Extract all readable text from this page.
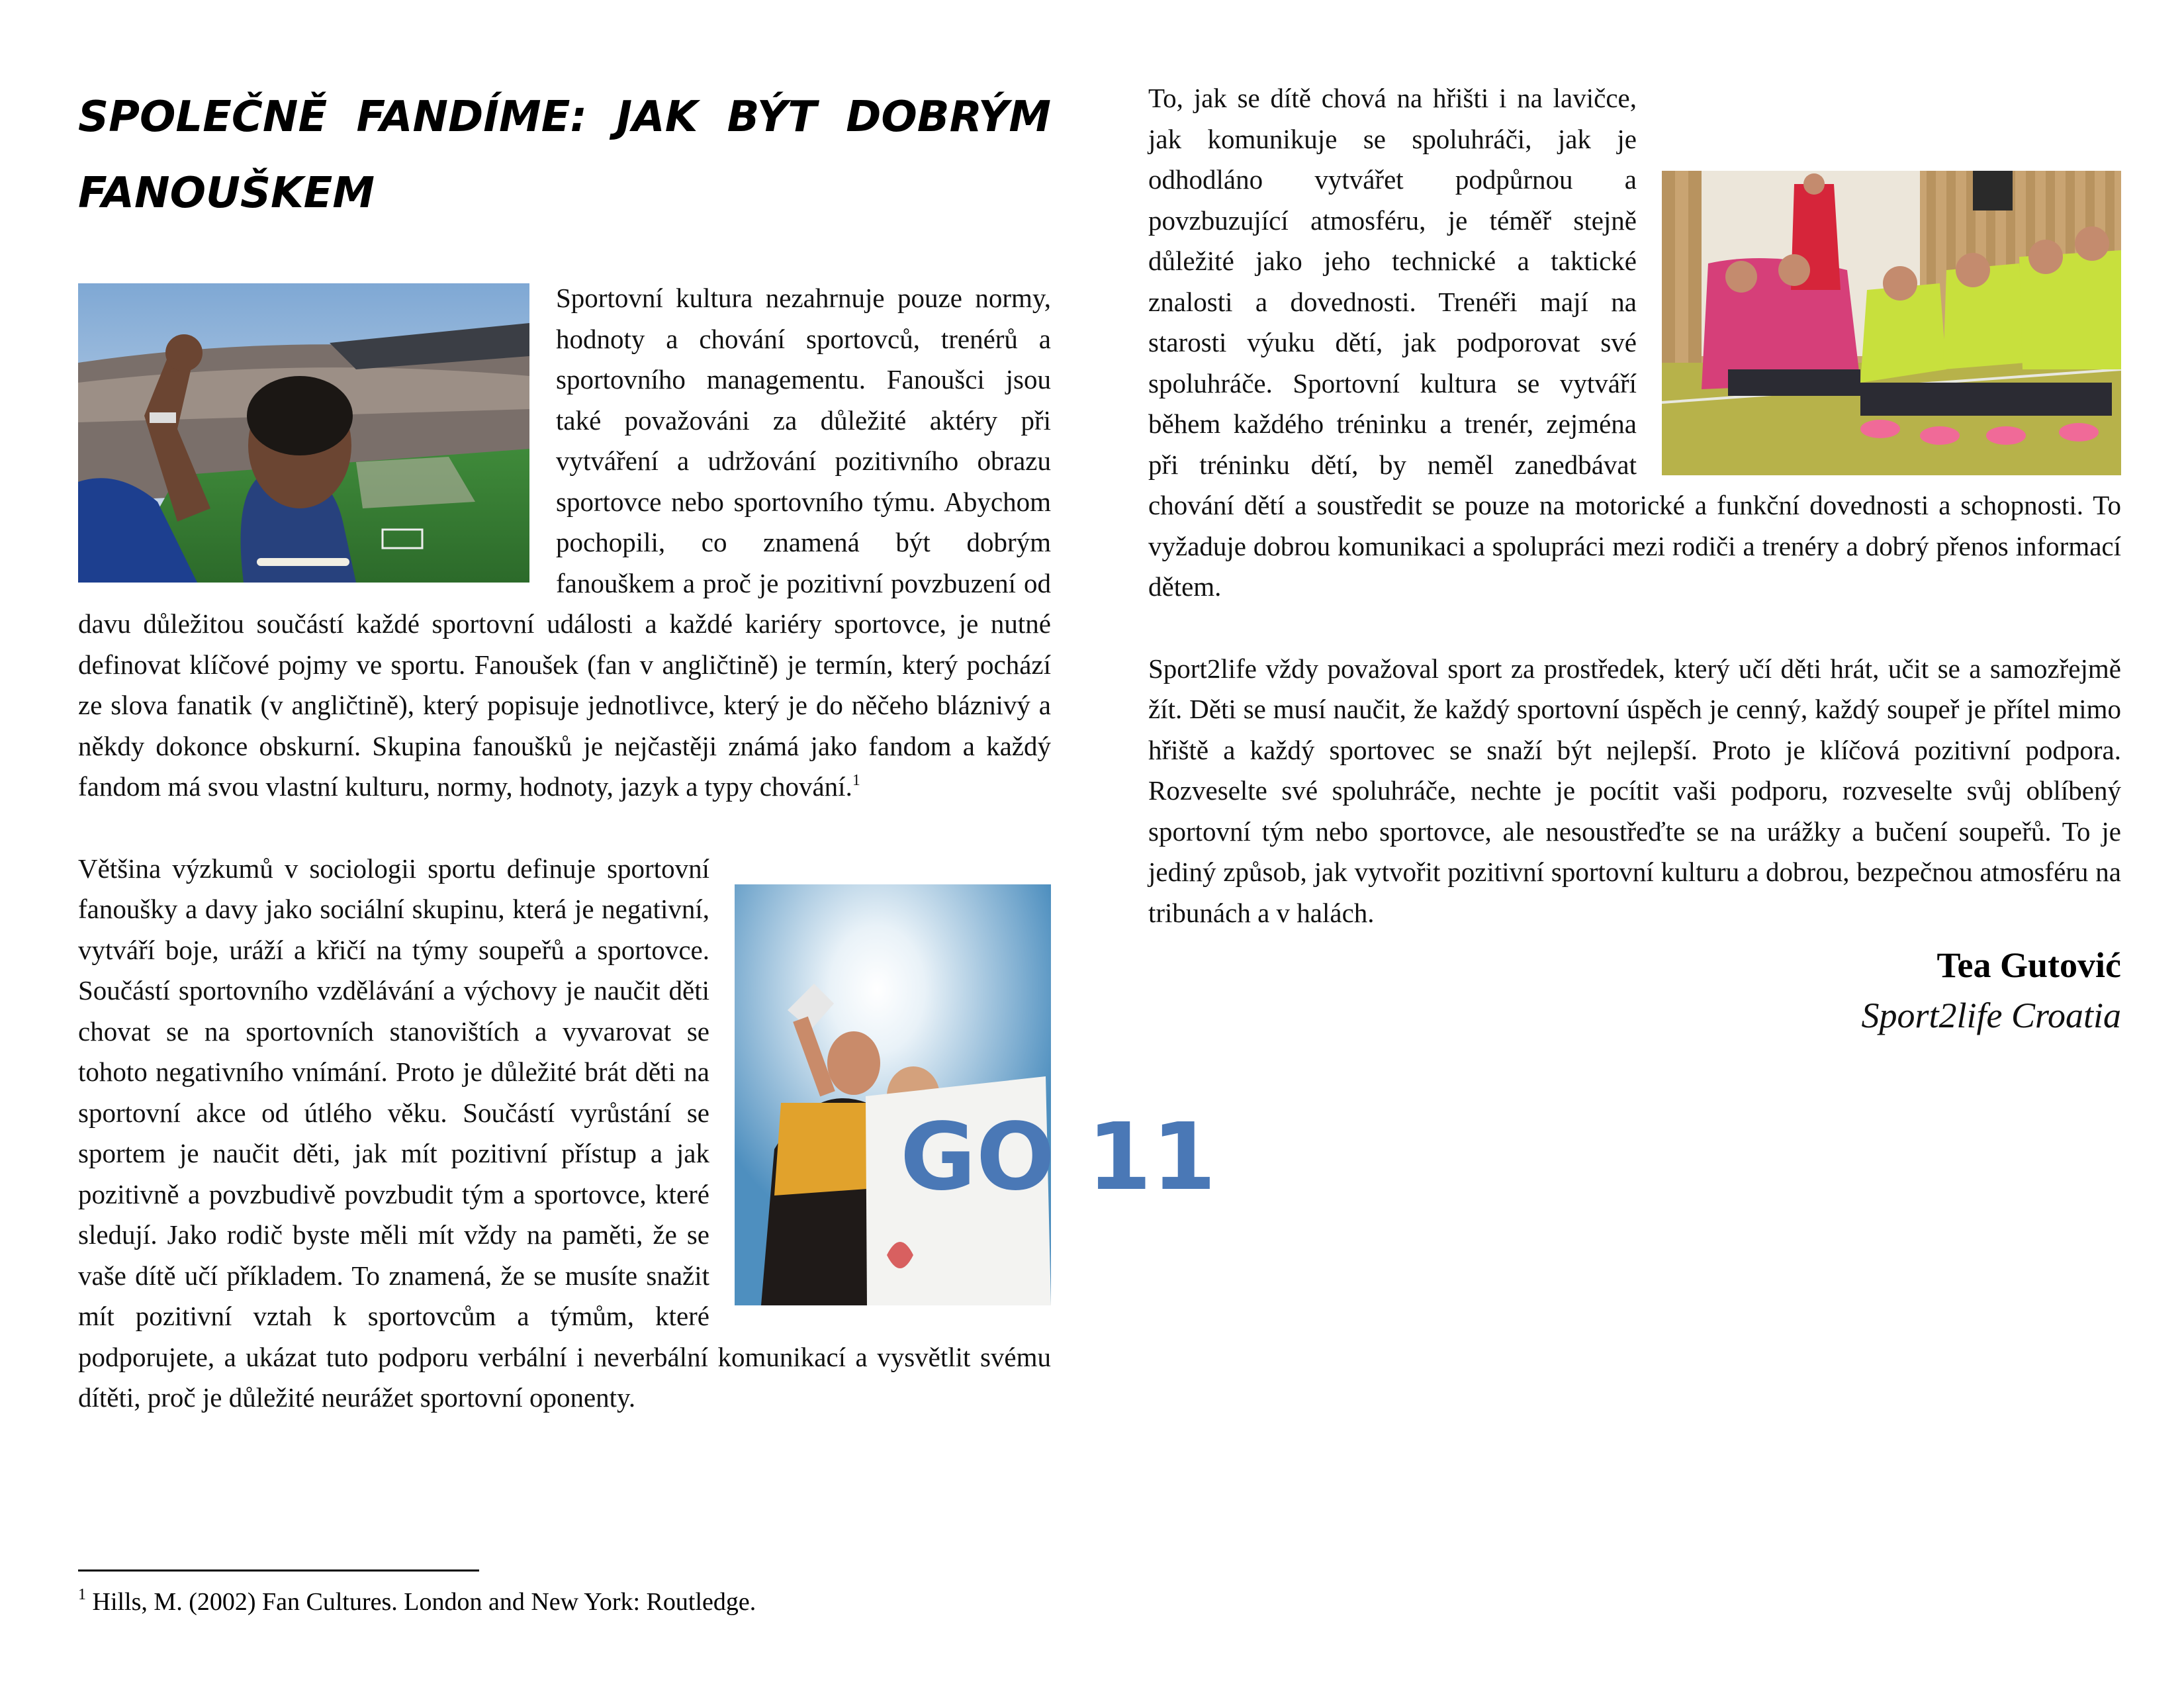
SPOLEČNĚ FANDÍME: JAK BÝT DOBRÝM FANOUŠKEM

Sportovní kultura nezahrnuje pouze normy, hodnoty a chování sportovců, trenérů a sportovního managementu. Fanoušci jsou také považováni za důležité aktéry při vytváření a udržování pozitivního obrazu sportovce nebo sportovního týmu. Abychom pochopili, co znamená být dobrým fanouškem a proč je pozitivní povzbuzení od davu důležitou součástí každé sportovní události a každé kariéry sportovce, je nutné definovat klíčové pojmy ve sportu. Fanoušek (fan v angličtině) je termín, který pochází ze slova fanatik (v angličtině), který popisuje jednotlivce, který je do něčeho bláznivý a někdy dokonce obskurní. Skupina fanoušků je nejčastěji známá jako fandom a každý fandom má svou vlastní kulturu, normy, hodnoty, jazyk a typy chování.$^1$

GO 11

Většina výzkumů v sociologii sportu definuje sportovní fanoušky a davy jako sociální skupinu, která je negativní, vytváří boje, uráží a křičí na týmy soupeřů a sportovce. Součástí sportovního vzdělávání a výchovy je naučit děti chovat se na sportovních stanovištích a vyvarovat se tohoto negativního vnímání. Proto je důležité brát děti na sportovní akce od útlého věku. Součástí vyrůstání se sportem je naučit děti, jak mít pozitivní přístup a jak pozitivně a povzbudivě povzbudit tým a sportovce, které sledují. Jako rodič byste měli mít vždy na paměti, že se vaše dítě učí příkladem. To znamená, že se musíte snažit mít pozitivní vztah k sportovcům a týmům, které podporujete, a ukázat tuto podporu verbální i neverbální komunikací a vysvětlit svému dítěti, proč je důležité neurážet sportovní oponenty.

To, jak se dítě chová na hřišti i na lavičce, jak komunikuje se spoluhráči, jak je odhodláno vytvářet podpůrnou a povzbuzující atmosféru, je téměř stejně důležité jako jeho technické a taktické znalosti a dovednosti. Trenéři mají na starosti výuku dětí, jak podporovat své spoluhráče. Sportovní kultura se vytváří během každého tréninku a trenér, zejména při tréninku dětí, by neměl zanedbávat chování dětí a soustředit se pouze na motorické a funkční dovednosti a schopnosti. To vyžaduje dobrou komunikaci a spolupráci mezi rodiči a trenéry a dobrý přenos informací dětem.

Sport2life vždy považoval sport za prostředek, který učí děti hrát, učit se a samozřejmě žít. Děti se musí naučit, že každý sportovní úspěch je cenný, každý soupeř je přítel mimo hřiště a každý sportovec se snaží být nejlepší. Proto je klíčová pozitivní podpora. Rozveselte své spoluhráče, nechte je pocítit vaši podporu, rozveselte svůj oblíbený sportovní tým nebo sportovce, ale nesoustřeďte se na urážky a bučení soupeřů. To je jediný způsob, jak vytvořit pozitivní sportovní kulturu a dobrou, bezpečnou atmosféru na tribunách a v halách.

Tea Gutović
Sport2life Croatia
$^1$ Hills, M. (2002) Fan Cultures. London and New York: Routledge.
